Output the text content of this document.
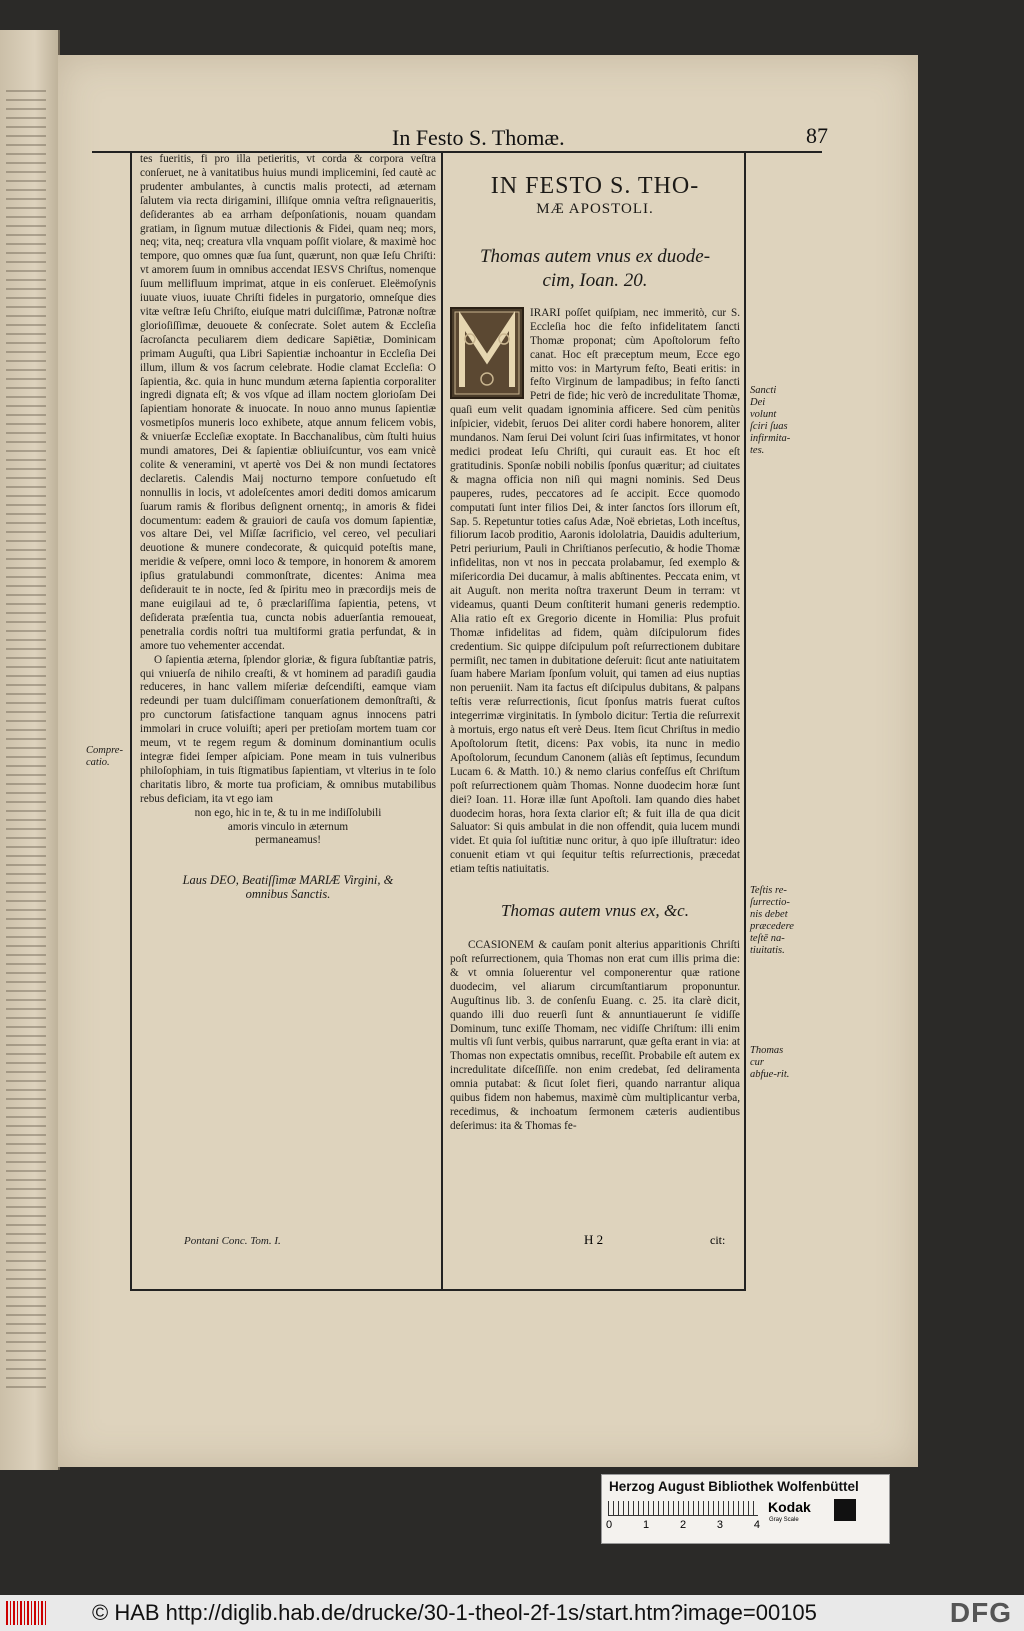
In Festo S. Thomæ.	87

tes fueritis, fi pro illa petieritis, vt corda & corpora veſtra conſeruet, ne à vanitatibus huius mundi implicemini, ſed cautè ac prudenter ambulantes, à cunctis malis protecti, ad æternam ſalutem via recta dirigamini, illiſque omnia veſtra reſignaueritis, deſiderantes ab ea arrham deſponſationis, nouam quandam gratiam, in ſignum mutuæ dilectionis & Fidei, quam neq; mors, neq; vita, neq; creatura vlla vnquam poſſit violare, & maximè hoc tempore, quo omnes quæ ſua ſunt, quærunt, non quæ Ieſu Chriſti: vt amorem ſuum in omnibus accendat IESVS Chriſtus, nomenque ſuum mellifluum imprimat, atque in eis conſeruet. Eleëmoſynis iuuate viuos, iuuate Chriſti fideles in purgatorio, omneſque dies vitæ veſtræ Ieſu Chriſto, eiuſque matri dulciſſimæ, Patronæ noſtræ glorioſiſſimæ, deuouete & conſecrate. Solet autem & Eccleſia ſacroſancta peculiarem diem dedicare Sapiētiæ, Dominicam primam Auguſti, qua Libri Sapientiæ inchoantur in Eccleſia Dei illum, illum & vos ſacrum celebrate. Hodie clamat Eccleſia: O ſapientia, &c. quia in hunc mundum æterna ſapientia corporaliter ingredi dignata eſt; & vos vſque ad illam noctem glorioſam Dei ſapientiam honorate & inuocate. In nouo anno munus ſapientiæ vosmetipſos muneris loco exhibete, atque annum felicem vobis, & vniuerſæ Eccleſiæ exoptate. In Bacchanalibus, cùm ſtulti huius mundi amatores, Dei & ſapientiæ obliuiſcuntur, vos eam vnicè colite & veneramini, vt apertè vos Dei & non mundi ſectatores declaretis. Calendis Maij nocturno tempore conſuetudo eſt nonnullis in locis, vt adoleſcentes amori dediti domos amicarum ſuarum ramis & floribus deſignent ornentq;, in amoris & fidei documentum: eadem & grauiori de cauſa vos domum ſapientiæ, vos altare Dei, vel Miſſæ ſacrificio, vel cereo, vel peculiari deuotione & munere condecorate, & quicquid poteſtis mane, meridie & veſpere, omni loco & tempore, in honorem & amorem ipſius gratulabundi commonſtrate, dicentes: Anima mea deſiderauit te in nocte, ſed & ſpiritu meo in præcordijs meis de mane euigilaui ad te, ô præclariſſima ſapientia, petens, vt deſiderata præſentia tua, cuncta nobis aduerſantia remoueat, penetralia cordis noſtri tua multiformi gratia perfundat, & in amore tuo vehementer accendat.

O ſapientia æterna, ſplendor gloriæ, & figura ſubſtantiæ patris, qui vniuerſa de nihilo creaſti, & vt hominem ad paradiſi gaudia reduceres, in hanc vallem miſeriæ deſcendiſti, eamque viam redeundi per tuam dulciſſimam conuerſationem demonſtraſti, & pro cunctorum ſatisfactione tanquam agnus innocens patri immolari in cruce voluiſti; aperi per pretioſam mortem tuam cor meum, vt te regem regum & dominum dominantium oculis integræ fidei ſemper aſpiciam. Pone meam in tuis vulneribus philoſophiam, in tuis ſtigmatibus ſapientiam, vt vlterius in te ſolo charitatis libro, & morte tua proficiam, & omnibus mutabilibus rebus deficiam, ita vt ego iam

non ego, hic in te, & tu in me indiſſolubili
amoris vinculo in æternum
permaneamus!
Laus DEO, Beatiſſimæ MARIÆ Virgini, &
omnibus Sanctis.
IN FESTO S. THO-
MÆ APOSTOLI.
Thomas autem vnus ex duode-
cim, Ioan. 20.

IRARI poſſet quiſpiam, nec immeritò, cur S. Eccleſia hoc die feſto infidelitatem ſancti Thomæ proponat; cùm Apoſtolorum feſto canat. Hoc eſt præceptum meum, Ecce ego mitto vos: in Martyrum feſto, Beati eritis: in feſto Virginum de lampadibus; in feſto ſancti Petri de fide; hic verò de incredulitate Thomæ, quaſi eum velit quadam ignominia afficere. Sed cùm penitùs inſpicier, videbit, ſeruos Dei aliter cordi habere honorem, aliter mundanos. Nam ſerui Dei volunt ſciri ſuas infirmitates, vt honor medici prodeat Ieſu Chriſti, qui curauit eas. Et hoc eſt gratitudinis. Sponſæ nobili nobilis ſponſus quæritur; ad ciuitates & magna officia non niſi qui magni nominis. Sed Deus pauperes, rudes, peccatores ad ſe accipit. Ecce quomodo computati ſunt inter filios Dei, & inter ſanctos ſors illorum eſt, Sap. 5. Repetuntur toties caſus Adæ, Noë ebrietas, Loth inceſtus, filiorum Iacob proditio, Aaronis idololatria, Dauidis adulterium, Petri periurium, Pauli in Chriſtianos perſecutio, & hodie Thomæ infidelitas, non vt nos in peccata prolabamur, ſed exemplo & miſericordia Dei ducamur, à malis abſtinentes. Peccata enim, vt ait Auguſt. non merita noſtra traxerunt Deum in terram: vt videamus, quanti Deum conſtiterit humani generis redemptio. Alia ratio eſt ex Gregorio dicente in Homilia: Plus profuit Thomæ infidelitas ad fidem, quàm diſcipulorum fides credentium. Sic quippe diſcipulum poſt reſurrectionem dubitare permiſit, nec tamen in dubitatione deſeruit: ſicut ante natiuitatem ſuam habere Mariam ſponſum voluit, qui tamen ad eius nuptias non perueniit. Nam ita factus eſt diſcipulus dubitans, & palpans teſtis veræ reſurrectionis, ſicut ſponſus matris fuerat cuſtos integerrimæ virginitatis. In ſymbolo dicitur: Tertia die reſurrexit à mortuis, ergo natus eſt verè Deus. Item ſicut Chriſtus in medio Apoſtolorum ſtetit, dicens: Pax vobis, ita nunc in medio Apoſtolorum, ſecundum Canonem (aliàs eſt ſeptimus, ſecundum Lucam 6. & Matth. 10.) & nemo clarius confeſſus eſt Chriſtum poſt reſurrectionem quàm Thomas. Nonne duodecim horæ ſunt diei? Ioan. 11. Horæ illæ ſunt Apoſtoli. Iam quando dies habet duodecim horas, hora ſexta clarior eſt; & fuit illa de qua dicit Saluator: Si quis ambulat in die non offendit, quia lucem mundi videt. Et quia ſol iuſtitiæ nunc oritur, à quo ipſe illuſtratur: ideo conuenit etiam vt qui ſequitur teſtis reſurrectionis, præcedat etiam teſtis natiuitatis.

Thomas autem vnus ex, &c.

CCASIONEM & cauſam ponit alterius apparitionis Chriſti poſt reſurrectionem, quia Thomas non erat cum illis prima die: & vt omnia ſoluerentur vel componerentur quæ ratione duodecim, vel aliarum circumſtantiarum proponuntur. Auguſtinus lib. 3. de conſenſu Euang. c. 25. ita clarè dicit, quando illi duo reuerſi ſunt & annuntiauerunt ſe vidiſſe Dominum, tunc exiſſe Thomam, nec vidiſſe Chriſtum: illi enim multis vſi ſunt verbis, quibus narrarunt, quæ geſta erant in via: at Thomas non expectatis omnibus, receſſit. Probabile eſt autem ex incredulitate diſceſſiſſe. non enim credebat, ſed deliramenta omnia putabat: & ſicut ſolet fieri, quando narrantur aliqua quibus fidem non habemus, maximè cùm multiplicantur verba, recedimus, & inchoatum ſermonem cæteris audientibus deſerimus: ita & Thomas fe-

Compre-catio.
Sancti Dei volunt ſciri ſuas infirmita-tes.
Teſtis re-ſurrectio-nis debet præcedere teſtē na-tiuitatis.
Thomas cur abfue-rit.
Pontani Conc. Tom. I.	H 2	cit:
Herzog August Bibliothek Wolfenbüttel
0	1	2	3	4
Kodak
Gray Scale
© HAB http://diglib.hab.de/drucke/30-1-theol-2f-1s/start.htm?image=00105	DFG
